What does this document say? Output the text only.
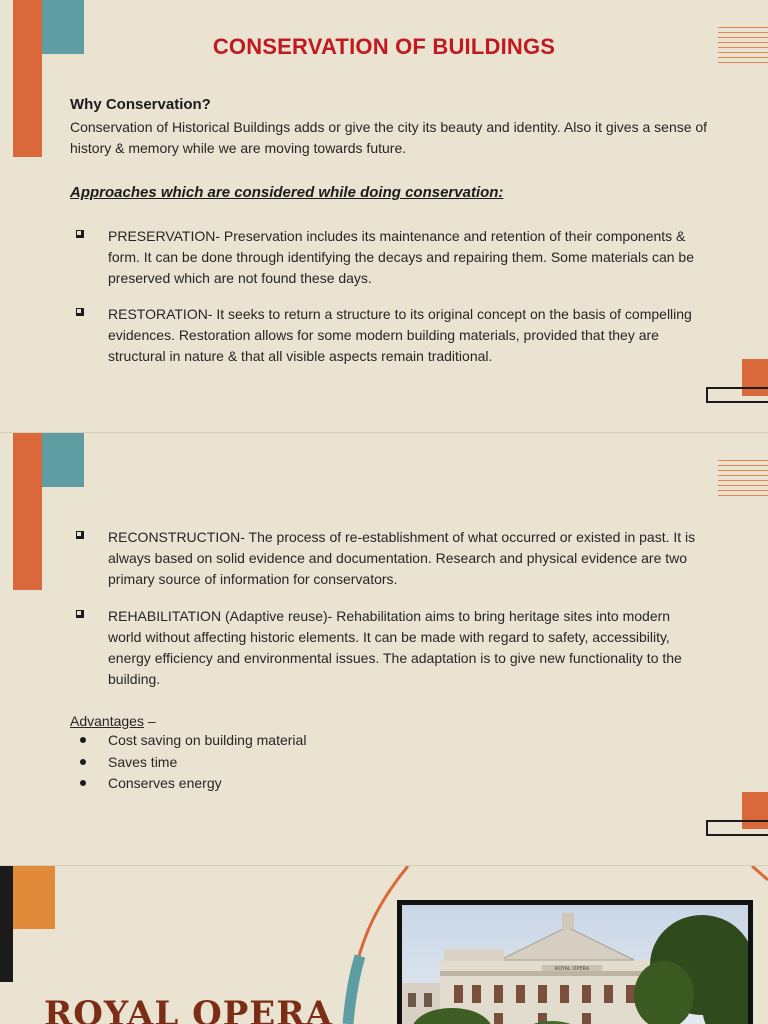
CONSERVATION OF BUILDINGS
Why Conservation?
Conservation of Historical Buildings adds or give the city its beauty and identity. Also it gives a sense of history & memory while we are moving towards future.
Approaches which are considered while doing conservation:
PRESERVATION- Preservation includes its maintenance and retention of their components & form. It can be done through identifying the decays and repairing them. Some materials can be preserved which are not found these days.
RESTORATION- It seeks to return a structure to its original concept on the basis of compelling evidences. Restoration allows for some modern building materials, provided that they are structural in nature & that all visible aspects remain traditional.
RECONSTRUCTION- The process of re-establishment of what occurred or existed in past. It is always based on solid evidence and documentation. Research and physical evidence are two primary source of information for conservators.
REHABILITATION (Adaptive reuse)- Rehabilitation aims to bring heritage sites into modern world without affecting historic elements. It can be made with regard to safety, accessibility, energy efficiency and environmental issues. The adaptation is to give new functionality to the building.
Advantages –
Cost saving on building material
Saves time
Conserves energy
ROYAL OPERA
ROYAL OPERA
